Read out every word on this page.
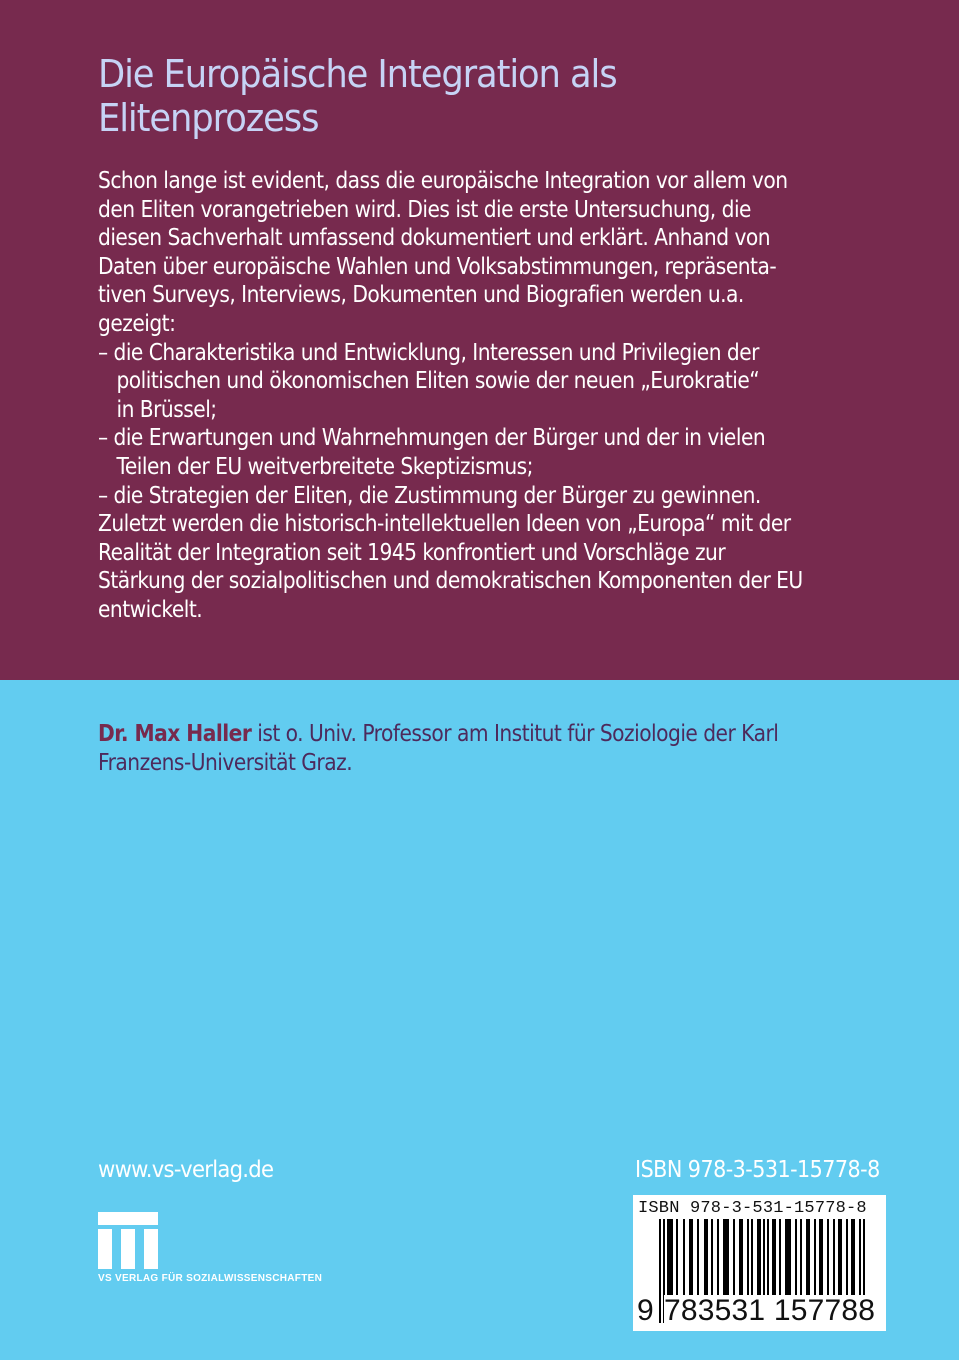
Die Europäische Integration als
Elitenprozess
Schon lange ist evident, dass die europäische Integration vor allem von
den Eliten vorangetrieben wird. Dies ist die erste Untersuchung, die
diesen Sachverhalt umfassend dokumentiert und erklärt. Anhand von
Daten über europäische Wahlen und Volksabstimmungen, repräsenta-
tiven Surveys, Interviews, Dokumenten und Biografien werden u.a.
gezeigt:
– die Charakteristika und Entwicklung, Interessen und Privilegien der
politischen und ökonomischen Eliten sowie der neuen „Eurokratie“
in Brüssel;
– die Erwartungen und Wahrnehmungen der Bürger und der in vielen
Teilen der EU weitverbreitete Skeptizismus;
– die Strategien der Eliten, die Zustimmung der Bürger zu gewinnen.
Zuletzt werden die historisch-intellektuellen Ideen von „Europa“ mit der
Realität der Integration seit 1945 konfrontiert und Vorschläge zur
Stärkung der sozialpolitischen und demokratischen Komponenten der EU
entwickelt.
Dr. Max Haller ist o. Univ. Professor am Institut für Soziologie der Karl
Franzens-Universität Graz.
www.vs-verlag.de
VS VERLAG FÜR SOZIALWISSENSCHAFTEN
ISBN 978-3-531-15778-8
ISBN 978-3-531-15778-8
9 783531 157788
